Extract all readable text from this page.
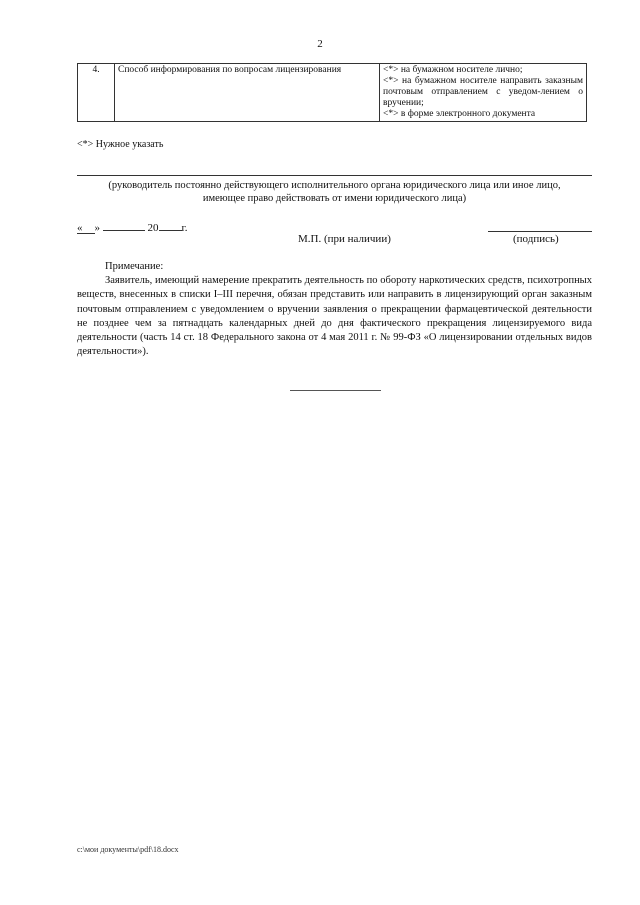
2
4.	Способ информирования по вопросам лицензирования	<*> на бумажном носителе лично;
<*> на бумажном носителе направить заказным почтовым отправлением с уведом-лением о вручении;
<*> в форме электронного документа
<*> Нужное указать
(руководитель постоянно действующего исполнительного органа юридического лица или иное лицо,
имеющее право действовать от имени юридического лица)
« »	20 г.
М.П. (при наличии)	(подпись)
Примечание:
Заявитель, имеющий намерение прекратить деятельность по обороту наркотических средств, психотропных веществ, внесенных в списки I–III перечня, обязан представить или направить в лицензирующий орган заказным почтовым отправлением с уведомлением о вручении заявления о прекращении фармацевтической деятельности не позднее чем за пятнадцать календарных дней до дня фактического прекращения лицензируемого вида деятельности (часть 14 ст. 18 Федерального закона от 4 мая 2011 г. № 99-ФЗ «О лицензировании отдельных видов деятельности»).
c:\мои документы\pdf\18.docx
